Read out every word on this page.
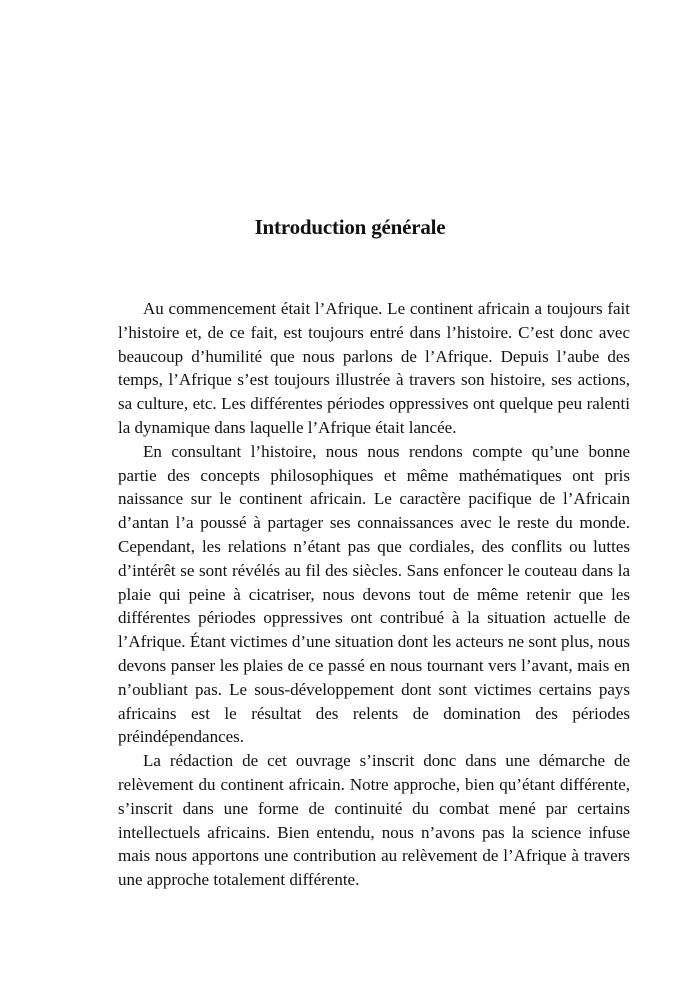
Introduction générale

Au commencement était l’Afrique. Le continent africain a toujours fait l’histoire et, de ce fait, est toujours entré dans l’histoire. C’est donc avec beaucoup d’humilité que nous parlons de l’Afrique. Depuis l’aube des temps, l’Afrique s’est toujours illustrée à travers son histoire, ses actions, sa culture, etc. Les différentes périodes oppressives ont quelque peu ralenti la dynamique dans laquelle l’Afrique était lancée.

En consultant l’histoire, nous nous rendons compte qu’une bonne partie des concepts philosophiques et même mathématiques ont pris naissance sur le continent africain. Le caractère pacifique de l’Africain d’antan l’a poussé à partager ses connaissances avec le reste du monde. Cependant, les relations n’étant pas que cordiales, des conflits ou luttes d’intérêt se sont révélés au fil des siècles. Sans enfoncer le couteau dans la plaie qui peine à cicatriser, nous devons tout de même retenir que les différentes périodes oppressives ont contribué à la situation actuelle de l’Afrique. Étant victimes d’une situation dont les acteurs ne sont plus, nous devons panser les plaies de ce passé en nous tournant vers l’avant, mais en n’oubliant pas. Le sous-développement dont sont victimes certains pays africains est le résultat des relents de domination des périodes préindépendances.

La rédaction de cet ouvrage s’inscrit donc dans une démarche de relèvement du continent africain. Notre approche, bien qu’étant différente, s’inscrit dans une forme de continuité du combat mené par certains intellectuels africains. Bien entendu, nous n’avons pas la science infuse mais nous apportons une contribution au relèvement de l’Afrique à travers une approche totalement différente.
